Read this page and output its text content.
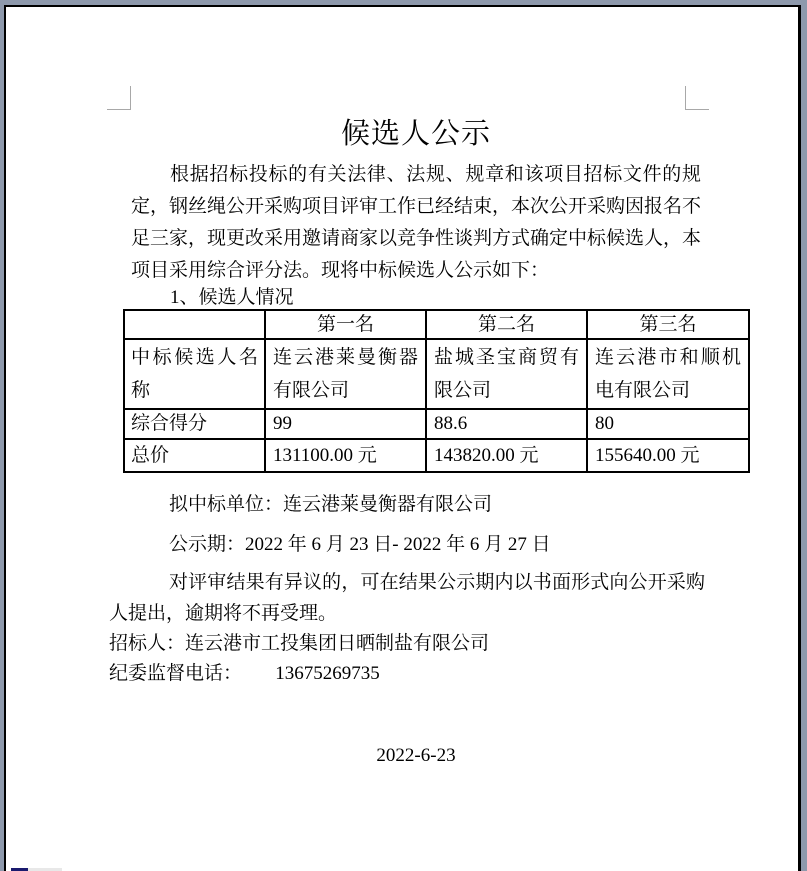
候选人公示
根据招标投标的有关法律、法规、规章和该项目招标文件的规定，钢丝绳公开采购项目评审工作已经结束，本次公开采购因报名不足三家，现更改采用邀请商家以竞争性谈判方式确定中标候选人，本项目采用综合评分法。现将中标候选人公示如下：
1、候选人情况
	第一名	第二名	第三名
中标候选人名称	连云港莱曼衡器有限公司	盐城圣宝商贸有限公司	连云港市和顺机电有限公司
综合得分	99	88.6	80
总价	131100.00 元	143820.00 元	155640.00 元
拟中标单位：连云港莱曼衡器有限公司
公示期：2022 年 6 月 23 日- 2022 年 6 月 27 日
对评审结果有异议的，可在结果公示期内以书面形式向公开采购人提出，逾期将不再受理。
招标人：连云港市工投集团日晒制盐有限公司
纪委监督电话：　　 13675269735
2022-6-23
